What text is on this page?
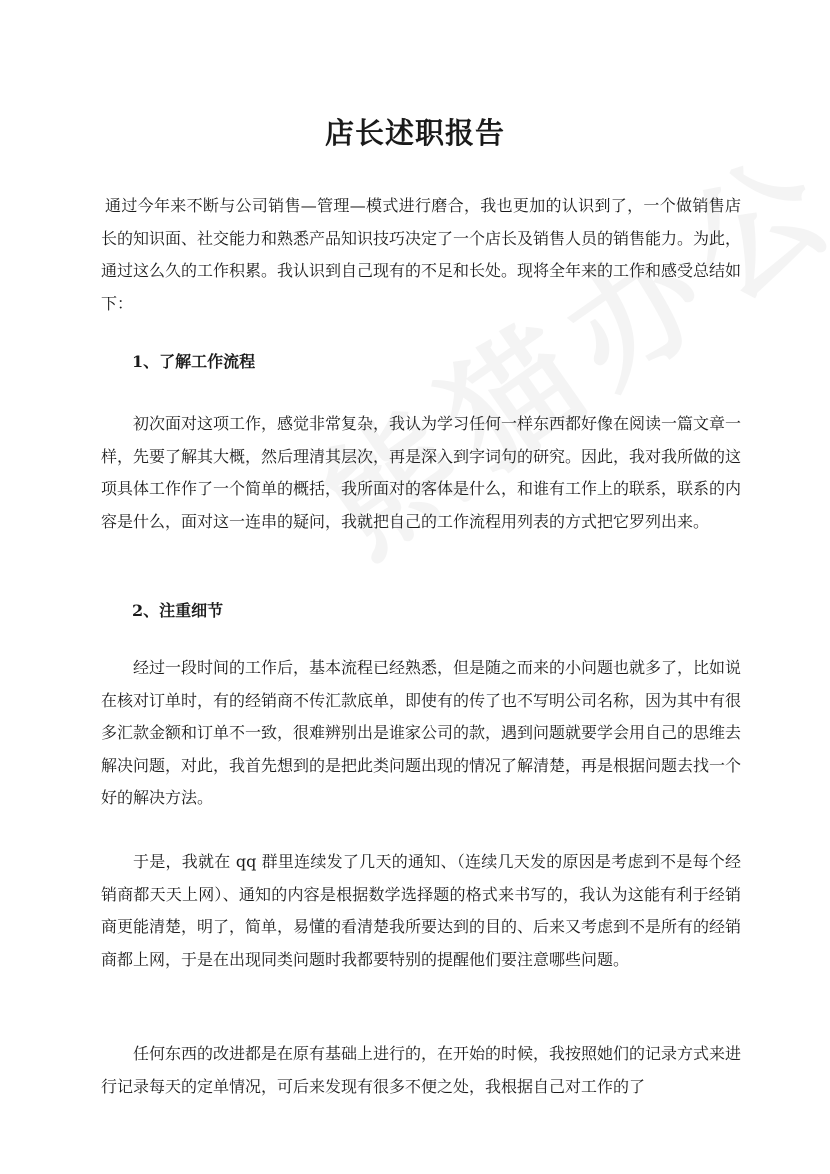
店长述职报告

通过今年来不断与公司销售—管理—模式进行磨合，我也更加的认识到了，一个做销售店长的知识面、社交能力和熟悉产品知识技巧决定了一个店长及销售人员的销售能力。为此，通过这么久的工作积累。我认识到自己现有的不足和长处。现将全年来的工作和感受总结如下：

1、了解工作流程

初次面对这项工作，感觉非常复杂，我认为学习任何一样东西都好像在阅读一篇文章一样，先要了解其大概，然后理清其层次，再是深入到字词句的研究。因此，我对我所做的这项具体工作作了一个简单的概括，我所面对的客体是什么，和谁有工作上的联系，联系的内容是什么，面对这一连串的疑问，我就把自己的工作流程用列表的方式把它罗列出来。

2、注重细节

经过一段时间的工作后，基本流程已经熟悉，但是随之而来的小问题也就多了，比如说在核对订单时，有的经销商不传汇款底单，即使有的传了也不写明公司名称，因为其中有很多汇款金额和订单不一致，很难辨别出是谁家公司的款，遇到问题就要学会用自己的思维去解决问题，对此，我首先想到的是把此类问题出现的情况了解清楚，再是根据问题去找一个好的解决方法。

于是，我就在 qq 群里连续发了几天的通知、（连续几天发的原因是考虑到不是每个经销商都天天上网）、通知的内容是根据数学选择题的格式来书写的，我认为这能有利于经销商更能清楚，明了，简单，易懂的看清楚我所要达到的目的、后来又考虑到不是所有的经销商都上网，于是在出现同类问题时我都要特别的提醒他们要注意哪些问题。

任何东西的改进都是在原有基础上进行的，在开始的时候，我按照她们的记录方式来进行记录每天的定单情况，可后来发现有很多不便之处，我根据自己对工作的了
